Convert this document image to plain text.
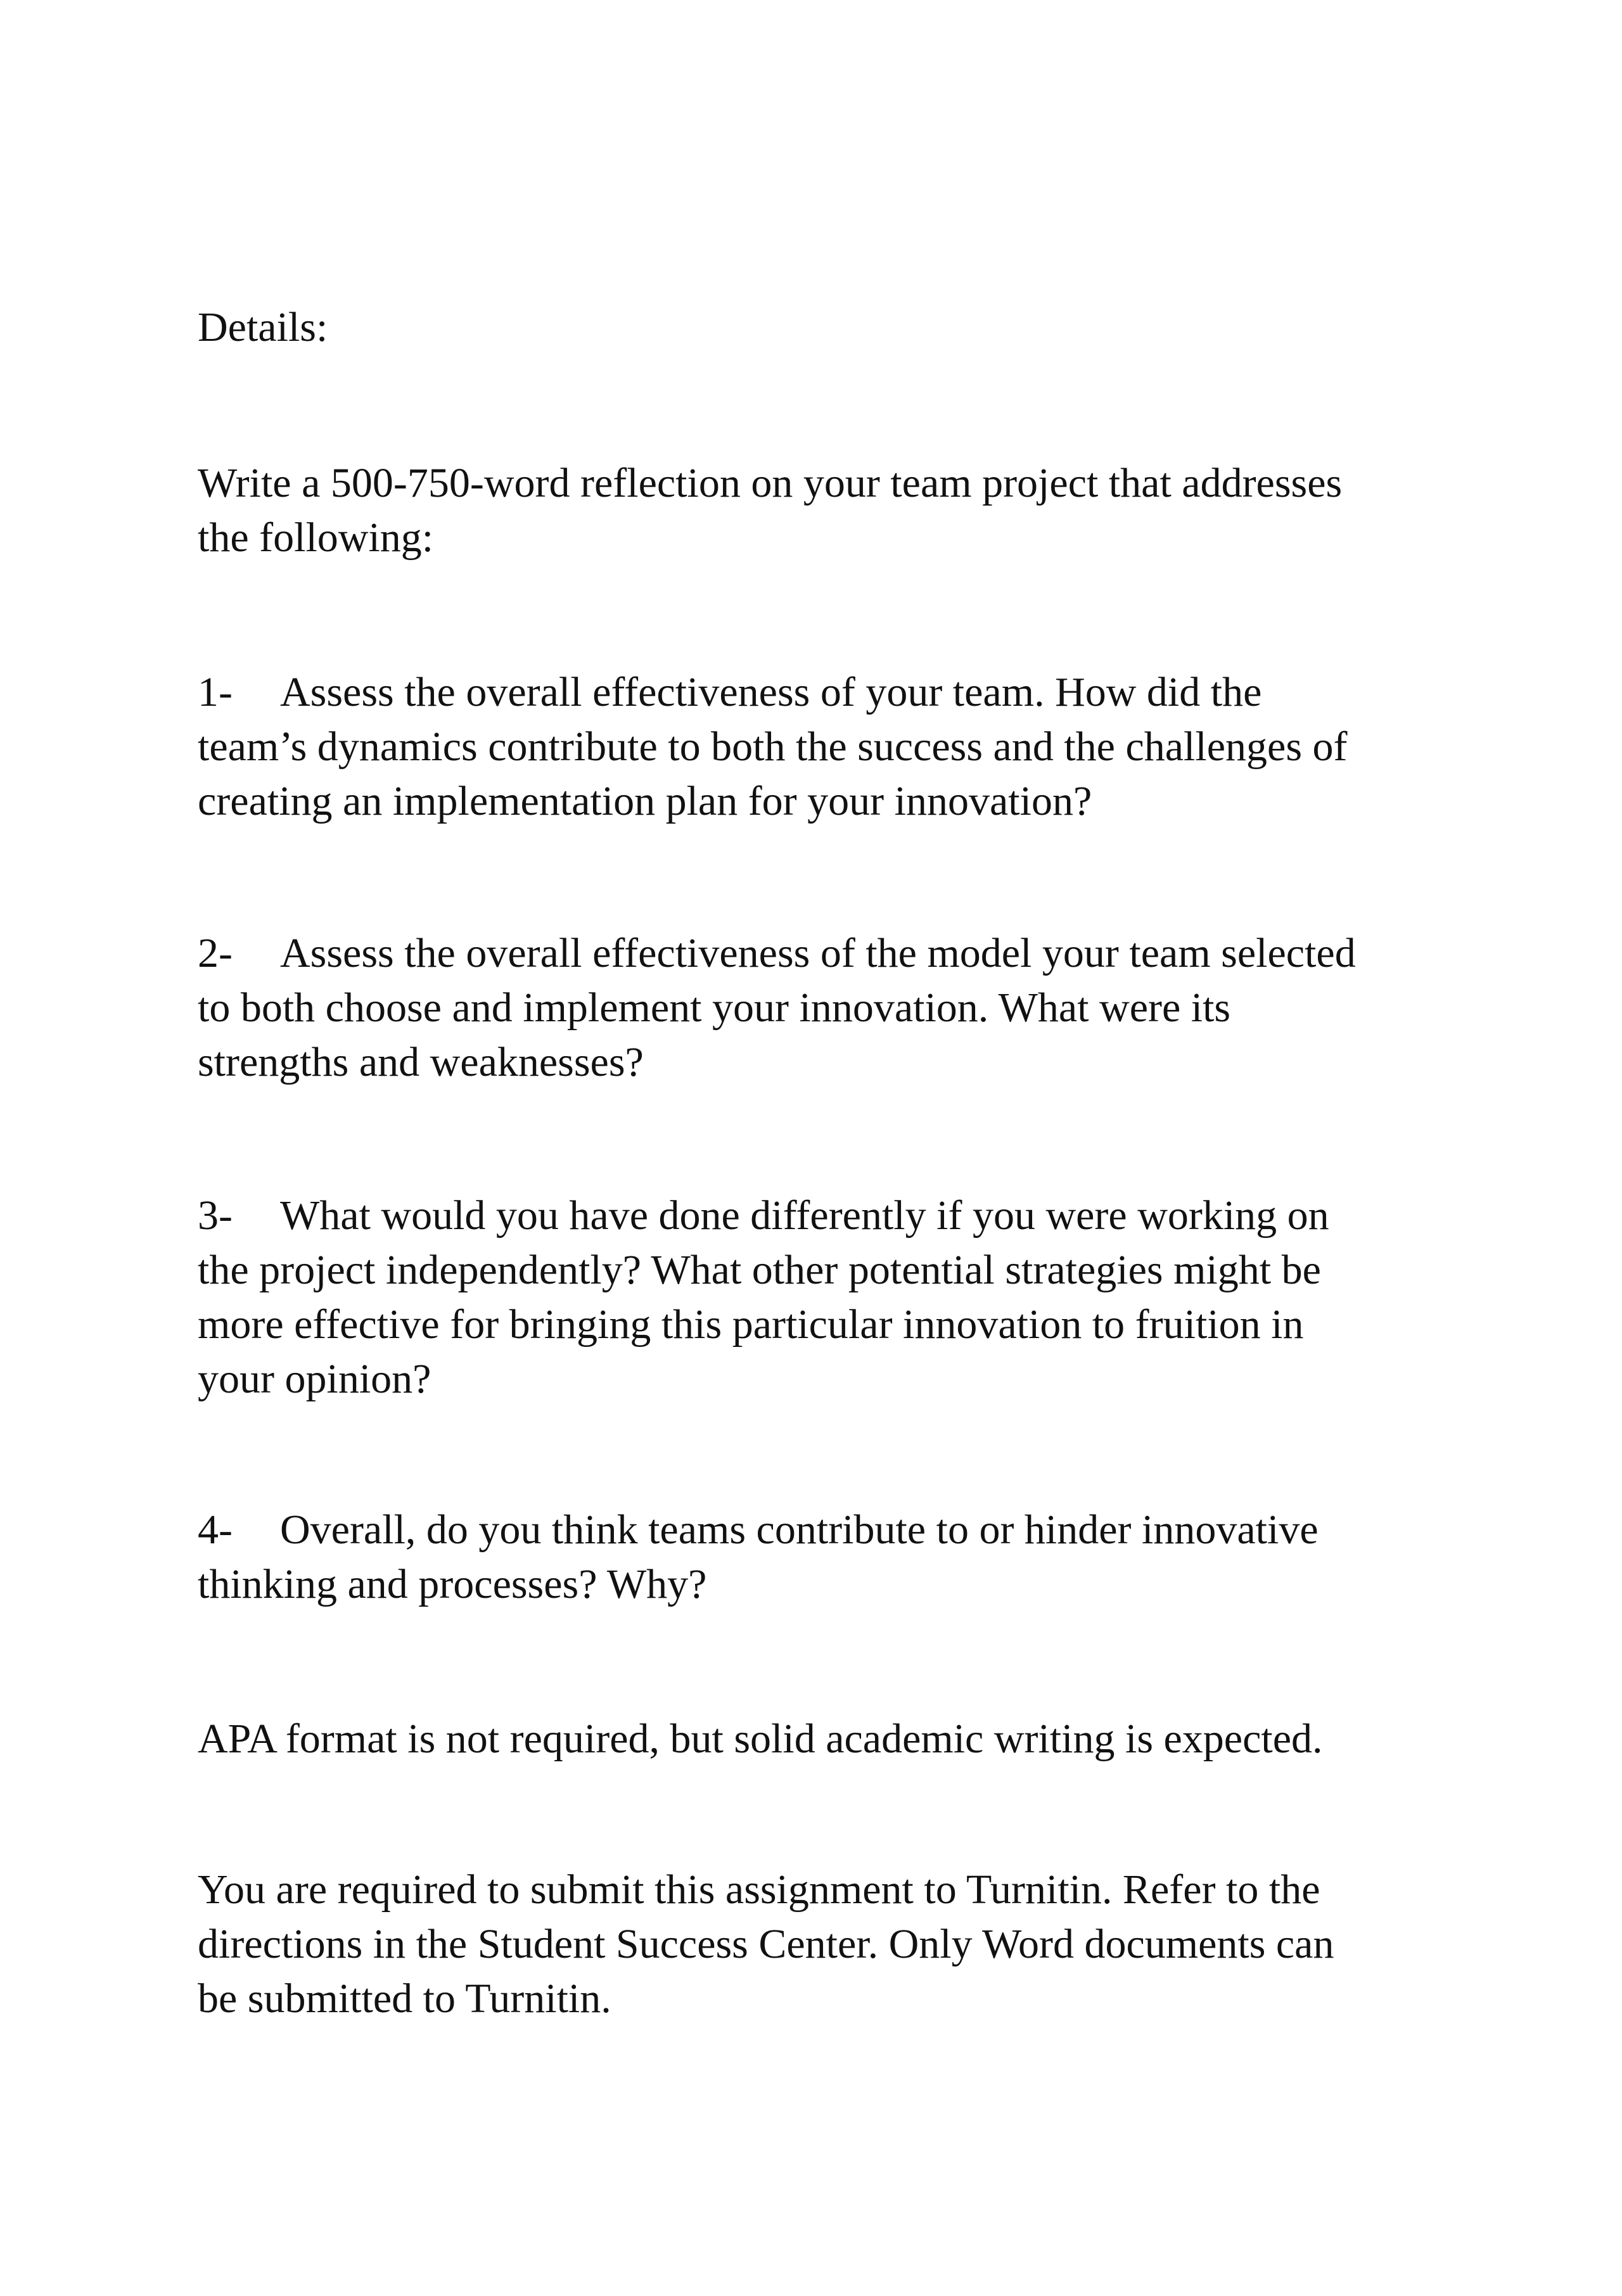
Details:

Write a 500-750-word reflection on your team project that addresses
the following:

1- Assess the overall effectiveness of your team. How did the
team’s dynamics contribute to both the success and the challenges of
creating an implementation plan for your innovation?

2- Assess the overall effectiveness of the model your team selected
to both choose and implement your innovation. What were its
strengths and weaknesses?

3- What would you have done differently if you were working on
the project independently? What other potential strategies might be
more effective for bringing this particular innovation to fruition in
your opinion?

4- Overall, do you think teams contribute to or hinder innovative
thinking and processes? Why?

APA format is not required, but solid academic writing is expected.

You are required to submit this assignment to Turnitin. Refer to the
directions in the Student Success Center. Only Word documents can
be submitted to Turnitin.
